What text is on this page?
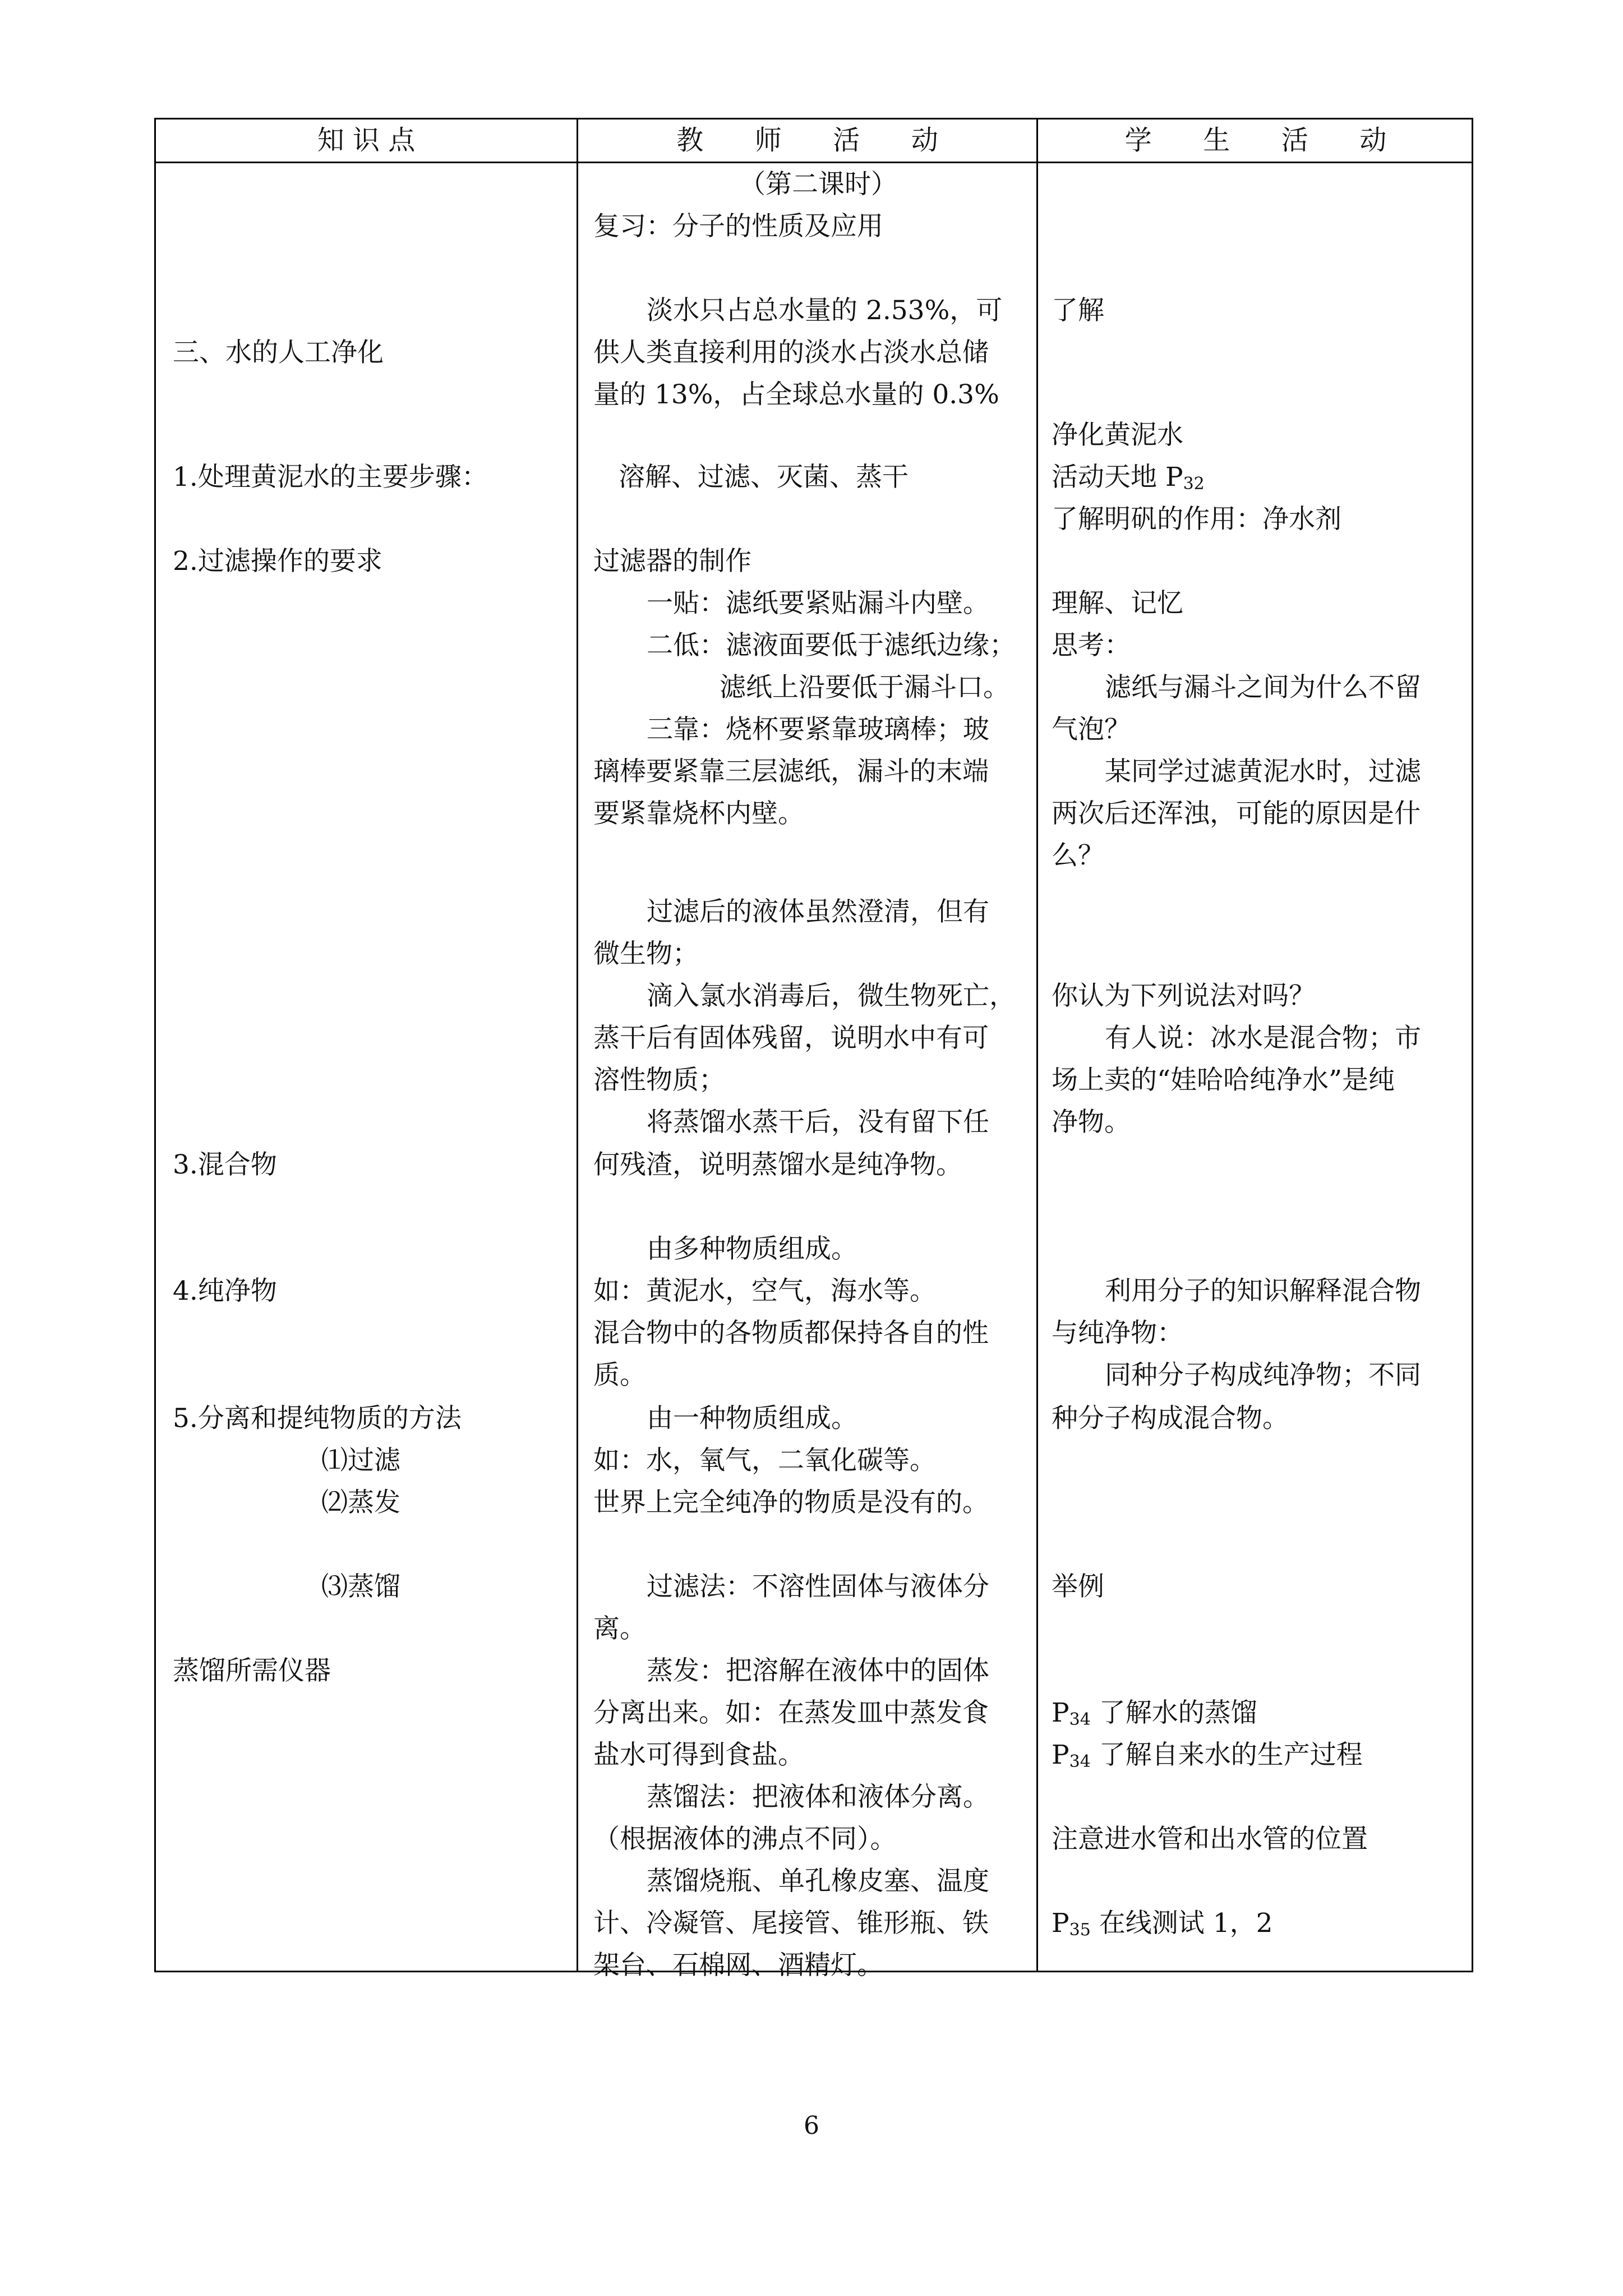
知 识 点	教      师      活      动	学      生      活      动
三、水的人工净化
1.处理黄泥水的主要步骤：
2.过滤操作的要求
3.混合物
4.纯净物
5.分离和提纯物质的方法
⑴过滤
⑵蒸发
⑶蒸馏
蒸馏所需仪器
（第二课时）
复习：分子的性质及应用
淡水只占总水量的 2.53%，可
供人类直接利用的淡水占淡水总储
量的 13%，占全球总水量的 0.3%
溶解、过滤、灭菌、蒸干
过滤器的制作
一贴：滤纸要紧贴漏斗内壁。
二低：滤液面要低于滤纸边缘；
滤纸上沿要低于漏斗口。
三靠：烧杯要紧靠玻璃棒；玻
璃棒要紧靠三层滤纸，漏斗的末端
要紧靠烧杯内壁。
过滤后的液体虽然澄清，但有
微生物；
滴入氯水消毒后，微生物死亡，
蒸干后有固体残留，说明水中有可
溶性物质；
将蒸馏水蒸干后，没有留下任
何残渣，说明蒸馏水是纯净物。
由多种物质组成。
如：黄泥水，空气，海水等。
混合物中的各物质都保持各自的性
质。
由一种物质组成。
如：水，氧气，二氧化碳等。
世界上完全纯净的物质是没有的。
过滤法：不溶性固体与液体分
离。
蒸发：把溶解在液体中的固体
分离出来。如：在蒸发皿中蒸发食
盐水可得到食盐。
蒸馏法：把液体和液体分离。
（根据液体的沸点不同）。
蒸馏烧瓶、单孔橡皮塞、温度
计、冷凝管、尾接管、锥形瓶、铁
架台、石棉网、酒精灯。
了解
净化黄泥水
活动天地 $P_{32}$
了解明矾的作用：净水剂
理解、记忆
思考：
滤纸与漏斗之间为什么不留
气泡？
某同学过滤黄泥水时，过滤
两次后还浑浊，可能的原因是什
么？
你认为下列说法对吗？
有人说：冰水是混合物；市
场上卖的“娃哈哈纯净水”是纯
净物。
利用分子的知识解释混合物
与纯净物：
同种分子构成纯净物；不同
种分子构成混合物。
举例
$P_{34}$ 了解水的蒸馏
$P_{34}$ 了解自来水的生产过程
注意进水管和出水管的位置
$P_{35}$ 在线测试 1，2
6
